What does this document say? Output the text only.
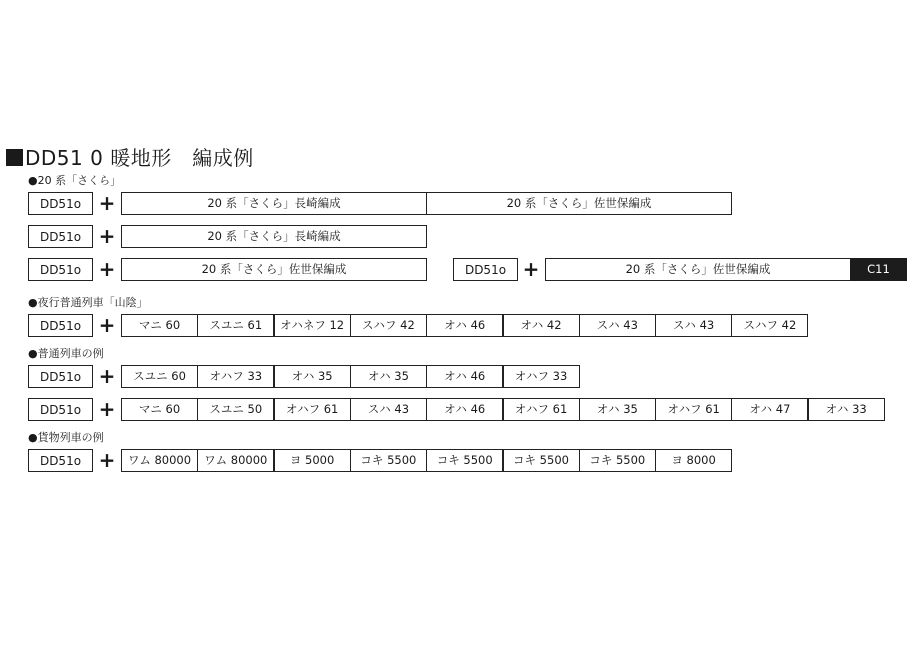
DD51 0 暖地形　編成例
●20 系「さくら」
DD51o +	20 系「さくら」長崎編成	20 系「さくら」佐世保編成
DD51o +	20 系「さくら」長崎編成
DD51o +	20 系「さくら」佐世保編成	DD51o +	20 系「さくら」佐世保編成	C11
●夜行普通列車「山陰」
DD51o +	マニ 60	スユニ 61	オハネフ 12	スハフ 42	オハ 46	オハ 42	スハ 43	スハ 43	スハフ 42
●普通列車の例
DD51o +	スユニ 60	オハフ 33	オハ 35	オハ 35	オハ 46	オハフ 33
DD51o +	マニ 60	スユニ 50	オハフ 61	スハ 43	オハ 46	オハフ 61	オハ 35	オハフ 61	オハ 47	オハ 33
●貨物列車の例
DD51o +	ワム 80000	ワム 80000	ヨ 5000	コキ 5500	コキ 5500	コキ 5500	コキ 5500	ヨ 8000
